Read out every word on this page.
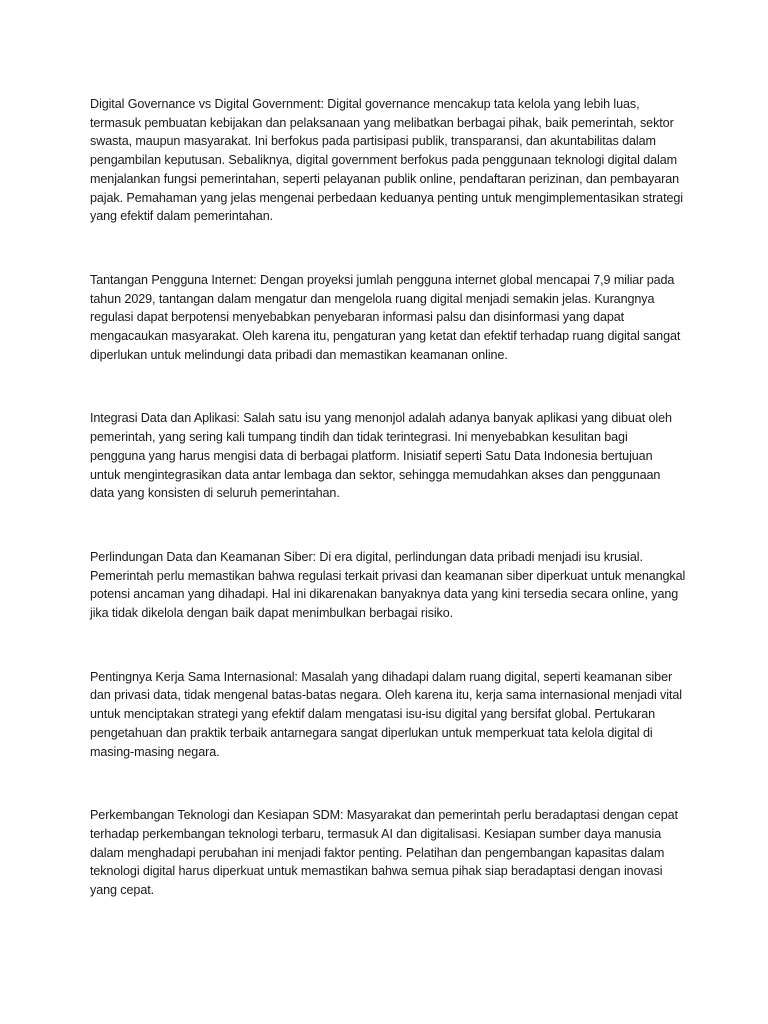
Digital Governance vs Digital Government: Digital governance mencakup tata kelola yang lebih luas, termasuk pembuatan kebijakan dan pelaksanaan yang melibatkan berbagai pihak, baik pemerintah, sektor swasta, maupun masyarakat. Ini berfokus pada partisipasi publik, transparansi, dan akuntabilitas dalam pengambilan keputusan. Sebaliknya, digital government berfokus pada penggunaan teknologi digital dalam menjalankan fungsi pemerintahan, seperti pelayanan publik online, pendaftaran perizinan, dan pembayaran pajak. Pemahaman yang jelas mengenai perbedaan keduanya penting untuk mengimplementasikan strategi yang efektif dalam pemerintahan.

Tantangan Pengguna Internet: Dengan proyeksi jumlah pengguna internet global mencapai 7,9 miliar pada tahun 2029, tantangan dalam mengatur dan mengelola ruang digital menjadi semakin jelas. Kurangnya regulasi dapat berpotensi menyebabkan penyebaran informasi palsu dan disinformasi yang dapat mengacaukan masyarakat. Oleh karena itu, pengaturan yang ketat dan efektif terhadap ruang digital sangat diperlukan untuk melindungi data pribadi dan memastikan keamanan online.

Integrasi Data dan Aplikasi: Salah satu isu yang menonjol adalah adanya banyak aplikasi yang dibuat oleh pemerintah, yang sering kali tumpang tindih dan tidak terintegrasi. Ini menyebabkan kesulitan bagi pengguna yang harus mengisi data di berbagai platform. Inisiatif seperti Satu Data Indonesia bertujuan untuk mengintegrasikan data antar lembaga dan sektor, sehingga memudahkan akses dan penggunaan data yang konsisten di seluruh pemerintahan.

Perlindungan Data dan Keamanan Siber: Di era digital, perlindungan data pribadi menjadi isu krusial. Pemerintah perlu memastikan bahwa regulasi terkait privasi dan keamanan siber diperkuat untuk menangkal potensi ancaman yang dihadapi. Hal ini dikarenakan banyaknya data yang kini tersedia secara online, yang jika tidak dikelola dengan baik dapat menimbulkan berbagai risiko.

Pentingnya Kerja Sama Internasional: Masalah yang dihadapi dalam ruang digital, seperti keamanan siber dan privasi data, tidak mengenal batas-batas negara. Oleh karena itu, kerja sama internasional menjadi vital untuk menciptakan strategi yang efektif dalam mengatasi isu-isu digital yang bersifat global. Pertukaran pengetahuan dan praktik terbaik antarnegara sangat diperlukan untuk memperkuat tata kelola digital di masing-masing negara.

Perkembangan Teknologi dan Kesiapan SDM: Masyarakat dan pemerintah perlu beradaptasi dengan cepat terhadap perkembangan teknologi terbaru, termasuk AI dan digitalisasi. Kesiapan sumber daya manusia dalam menghadapi perubahan ini menjadi faktor penting. Pelatihan dan pengembangan kapasitas dalam teknologi digital harus diperkuat untuk memastikan bahwa semua pihak siap beradaptasi dengan inovasi yang cepat.
